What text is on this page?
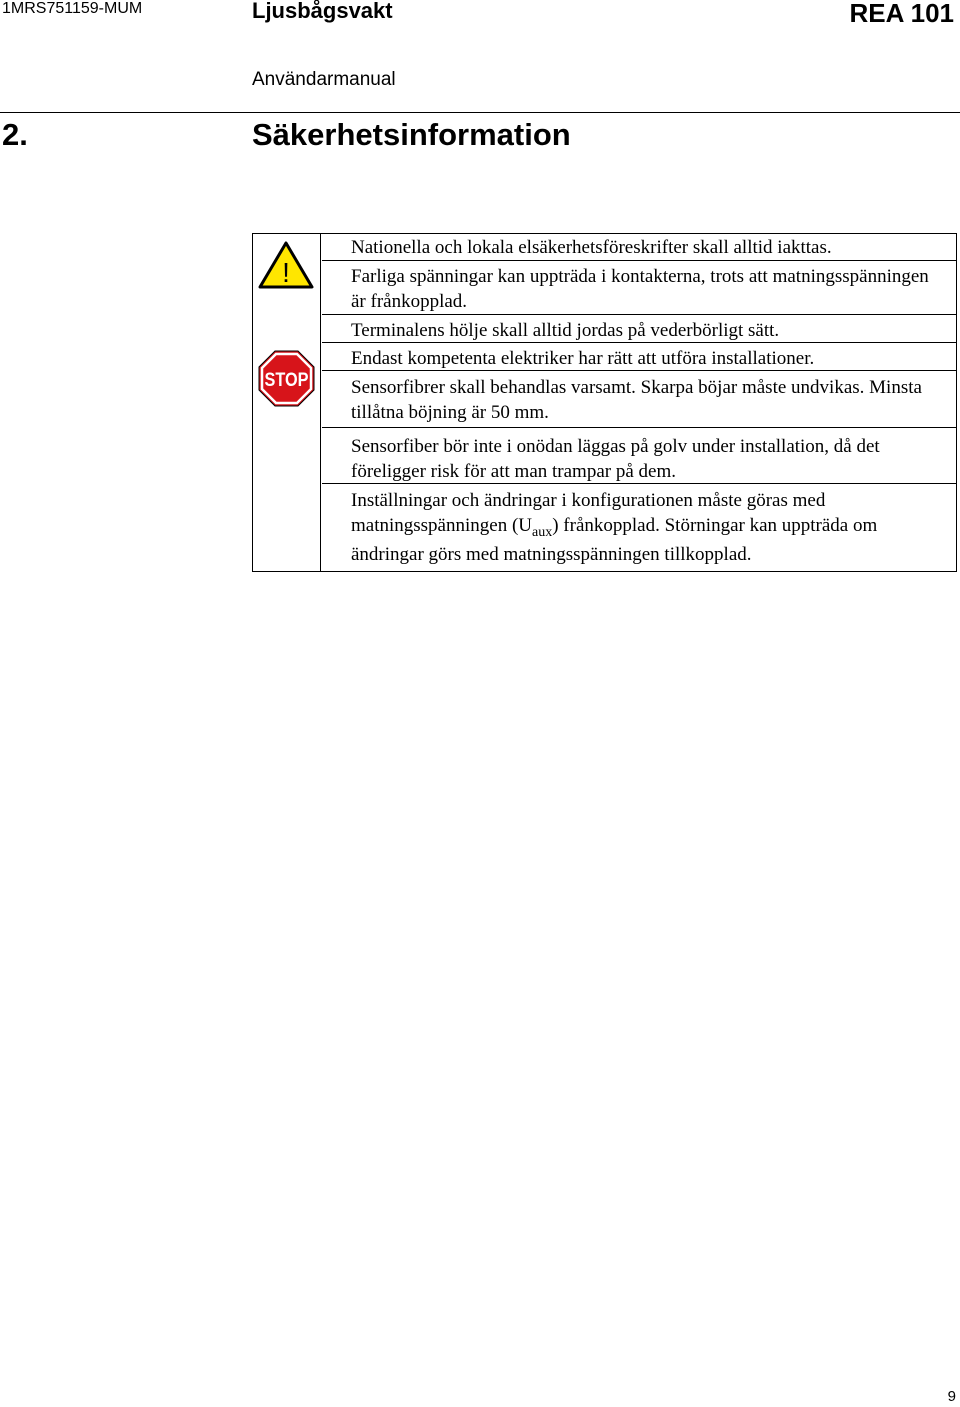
1MRS751159-MUM	Ljusbågsvakt	REA 101
Användarmanual
2.	Säkerhetsinformation
!
STOP
Nationella och lokala elsäkerhetsföreskrifter skall alltid iakttas.
Farliga spänningar kan uppträda i kontakterna, trots att matningsspänningen är frånkopplad.
Terminalens hölje skall alltid jordas på vederbörligt sätt.
Endast kompetenta elektriker har rätt att utföra installationer.
Sensorfibrer skall behandlas varsamt. Skarpa böjar måste undvikas. Minsta tillåtna böjning är 50 mm.
Sensorfiber bör inte i onödan läggas på golv under installation, då det föreligger risk för att man trampar på dem.
Inställningar och ändringar i konfigurationen måste göras med
matningsspänningen $(U_{aux})$ frånkopplad. Störningar kan uppträda om
ändringar görs med matningsspänningen tillkopplad.
9
